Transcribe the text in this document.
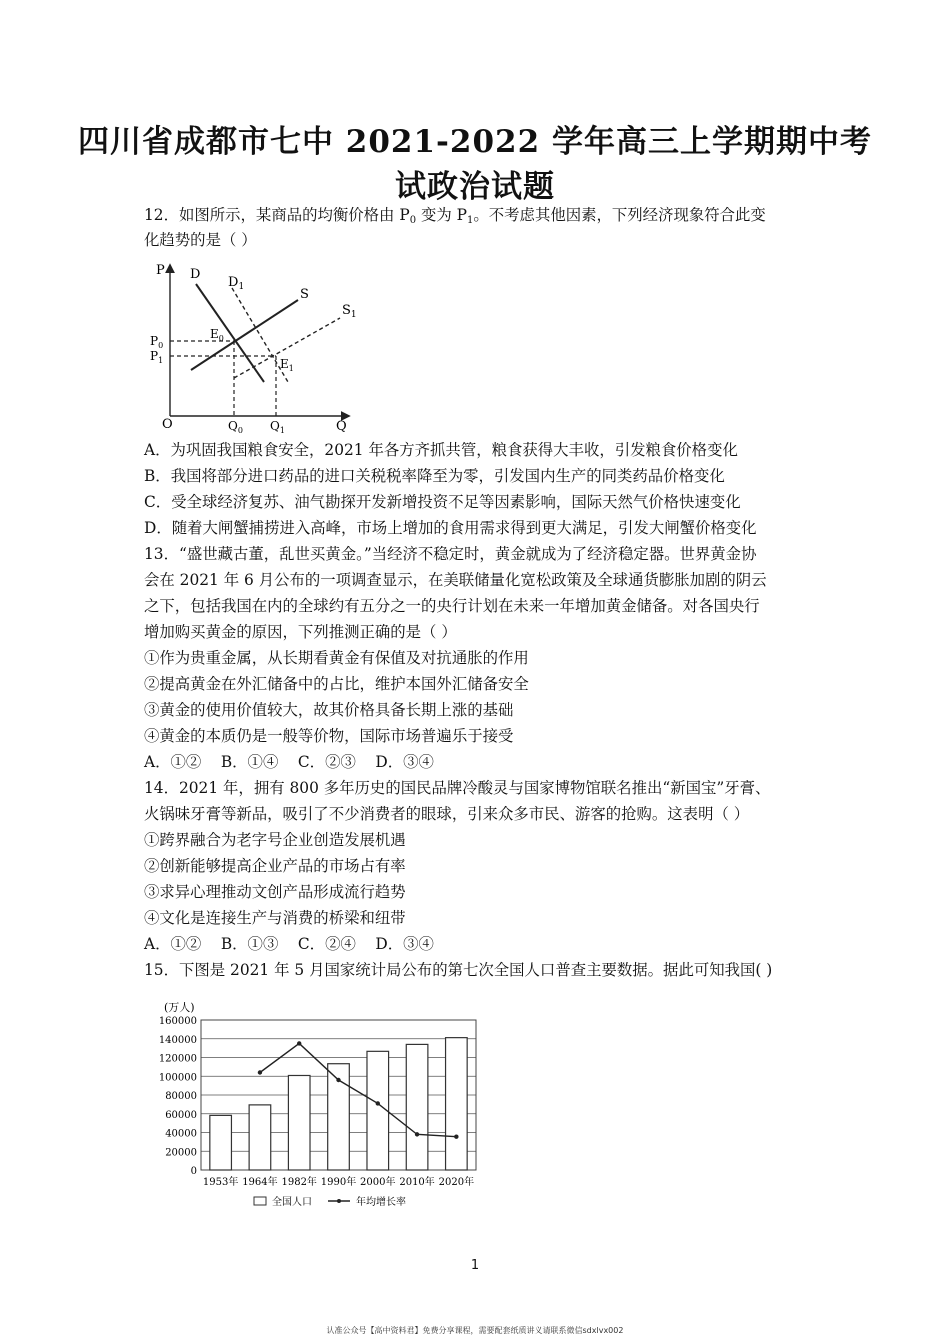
四川省成都市七中 2021-2022 学年高三上学期期中考
试政治试题
12．如图所示，某商品的均衡价格由 $P_0$ 变为 $P_1$。不考虑其他因素，下列经济现象符合此变
化趋势的是（ ）
P
Q
O
D
$D_1$	S
$S_1$
$P_0$
$P_1$
$E_0$
$E_1$
$Q_0$ $Q_1$
A．为巩固我国粮食安全，2021 年各方齐抓共管，粮食获得大丰收，引发粮食价格变化
B．我国将部分进口药品的进口关税税率降至为零，引发国内生产的同类药品价格变化
C．受全球经济复苏、油气勘探开发新增投资不足等因素影响，国际天然气价格快速变化
D．随着大闸蟹捕捞进入高峰，市场上增加的食用需求得到更大满足，引发大闸蟹价格变化
13．“盛世藏古董，乱世买黄金。”当经济不稳定时，黄金就成为了经济稳定器。世界黄金协
会在 2021 年 6 月公布的一项调查显示，在美联储量化宽松政策及全球通货膨胀加剧的阴云
之下，包括我国在内的全球约有五分之一的央行计划在未来一年增加黄金储备。对各国央行
增加购买黄金的原因，下列推测正确的是（ ）
①作为贵重金属，从长期看黄金有保值及对抗通胀的作用
②提高黄金在外汇储备中的占比，维护本国外汇储备安全
③黄金的使用价值较大，故其价格具备长期上涨的基础
④黄金的本质仍是一般等价物，国际市场普遍乐于接受
A．①②    B．①④    C．②③    D．③④
14．2021 年，拥有 800 多年历史的国民品牌冷酸灵与国家博物馆联名推出“新国宝”牙膏、
火锅味牙膏等新品，吸引了不少消费者的眼球，引来众多市民、游客的抢购。这表明（ ）
①跨界融合为老字号企业创造发展机遇
②创新能够提高企业产品的市场占有率
③求异心理推动文创产品形成流行趋势
④文化是连接生产与消费的桥梁和纽带
A．①②    B．①③    C．②④    D．③④
15．下图是 2021 年 5 月国家统计局公布的第七次全国人口普查主要数据。据此可知我国( )
(万人)
0
20000
40000
60000
80000
100000
120000
140000
160000
1953年 1964年 1982年 1990年 2000年 2010年 2020年
全国人口	年均增长率
1
认准公众号【高中资料君】免费分享课程，需要配套纸质讲义请联系微信sdxlvx002
